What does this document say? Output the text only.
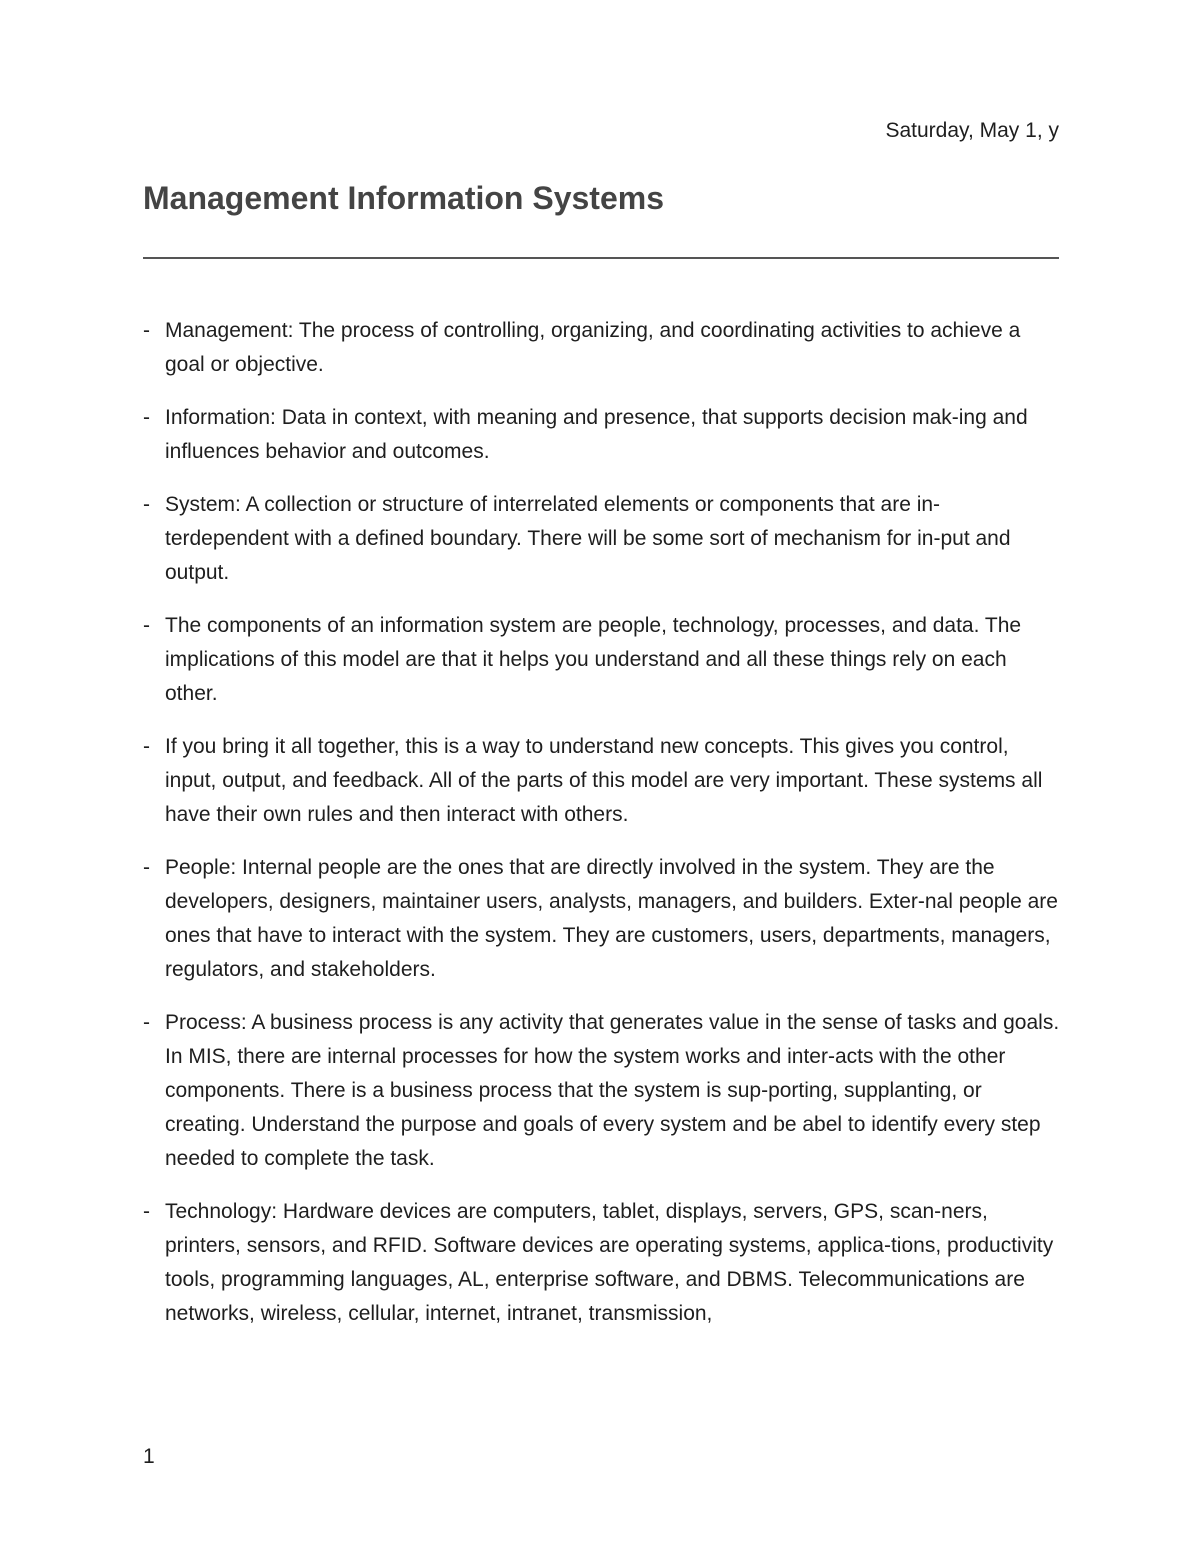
Saturday, May 1, y
Management Information Systems
- Management: The process of controlling, organizing, and coordinating activities to achieve a goal or objective.
- Information: Data in context, with meaning and presence, that supports decision mak-ing and influences behavior and outcomes.
- System: A collection or structure of interrelated elements or components that are in-terdependent with a defined boundary. There will be some sort of mechanism for in-put and output.
- The components of an information system are people, technology, processes, and data. The implications of this model are that it helps you understand and all these things rely on each other.
- If you bring it all together, this is a way to understand new concepts. This gives you control, input, output, and feedback. All of the parts of this model are very important. These systems all have their own rules and then interact with others.
- People: Internal people are the ones that are directly involved in the system. They are the developers, designers, maintainer users, analysts, managers, and builders. Exter-nal people are ones that have to interact with the system. They are customers, users, departments, managers, regulators, and stakeholders.
- Process: A business process is any activity that generates value in the sense of tasks and goals. In MIS, there are internal processes for how the system works and inter-acts with the other components. There is a business process that the system is sup-porting, supplanting, or creating. Understand the purpose and goals of every system and be abel to identify every step needed to complete the task.
- Technology: Hardware devices are computers, tablet, displays, servers, GPS, scan-ners, printers, sensors, and RFID. Software devices are operating systems, applica-tions, productivity tools, programming languages, AL, enterprise software, and DBMS. Telecommunications are networks, wireless, cellular, internet, intranet, transmission,
1
